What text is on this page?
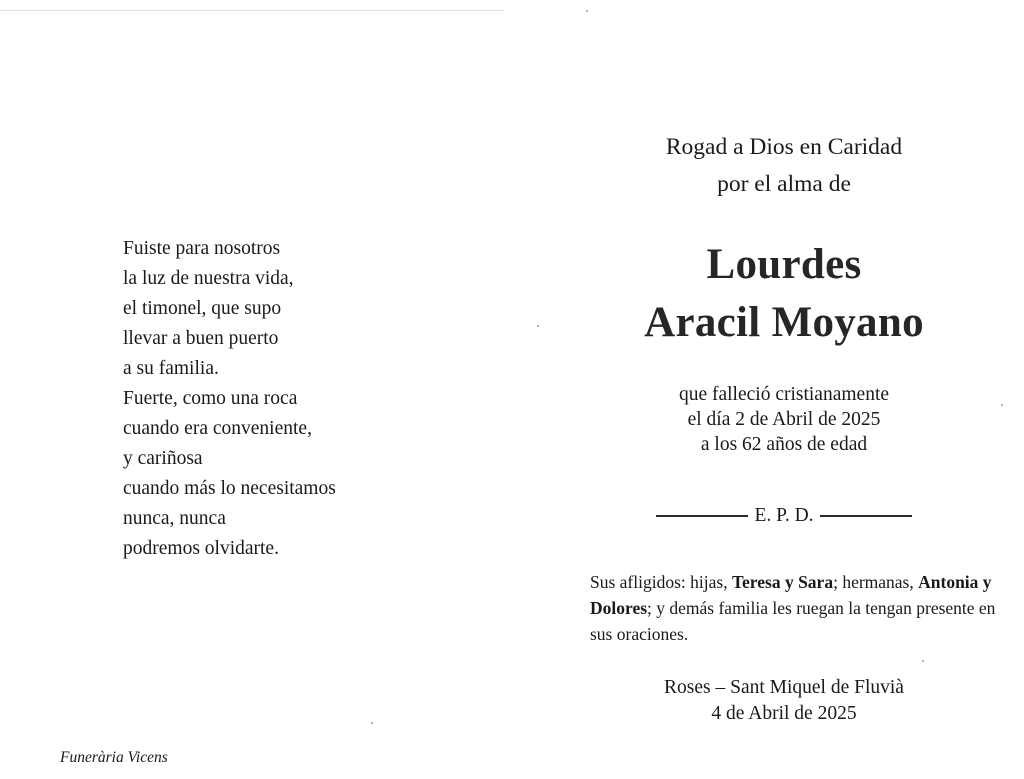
Fuiste para nosotros
la luz de nuestra vida,
el timonel, que supo
llevar a buen puerto
a su familia.
Fuerte, como una roca
cuando era conveniente,
y cariñosa
cuando más lo necesitamos
nunca, nunca
podremos olvidarte.
Funerària Vicens
Rogad a Dios en Caridad
por el alma de
Lourdes
Aracil Moyano
que falleció cristianamente
el día 2 de Abril de 2025
a los 62 años de edad
E. P. D.
Sus afligidos: hijas, Teresa y Sara; hermanas, Antonia y Dolores; y demás familia les ruegan la tengan presente en sus oraciones.
Roses – Sant Miquel de Fluvià
4 de Abril de 2025
